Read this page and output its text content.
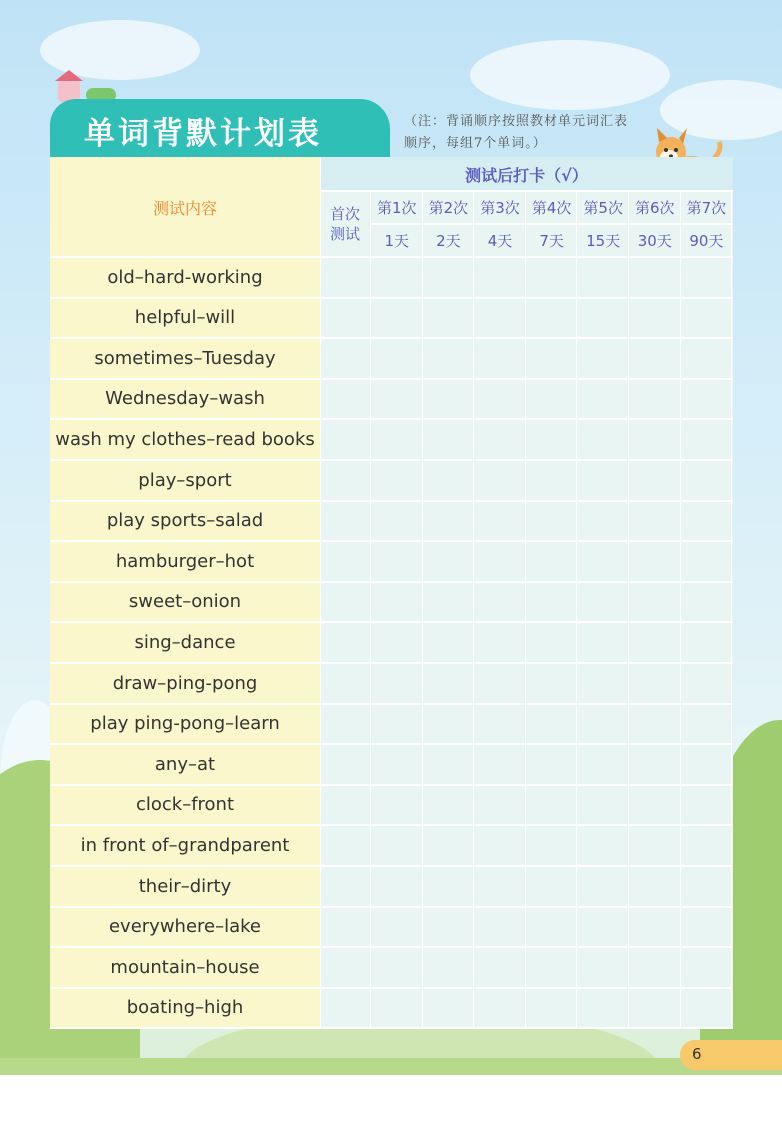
单词背默计划表	（注：背诵顺序按照教材单元词汇表顺序，每组7个单词。）
测试内容
测试后打卡（√）
首次
测试
第1次
1天
第2次
2天
第3次
4天
第4次
7天
第5次
15天
第6次
30天
第7次
90天
old–hard-working
helpful–will
sometimes–Tuesday
Wednesday–wash
wash my clothes–read books
play–sport
play sports–salad
hamburger–hot
sweet–onion
sing–dance
draw–ping-pong
play ping-pong–learn
any–at
clock–front
in front of–grandparent
their–dirty
everywhere–lake
mountain–house
boating–high
6
